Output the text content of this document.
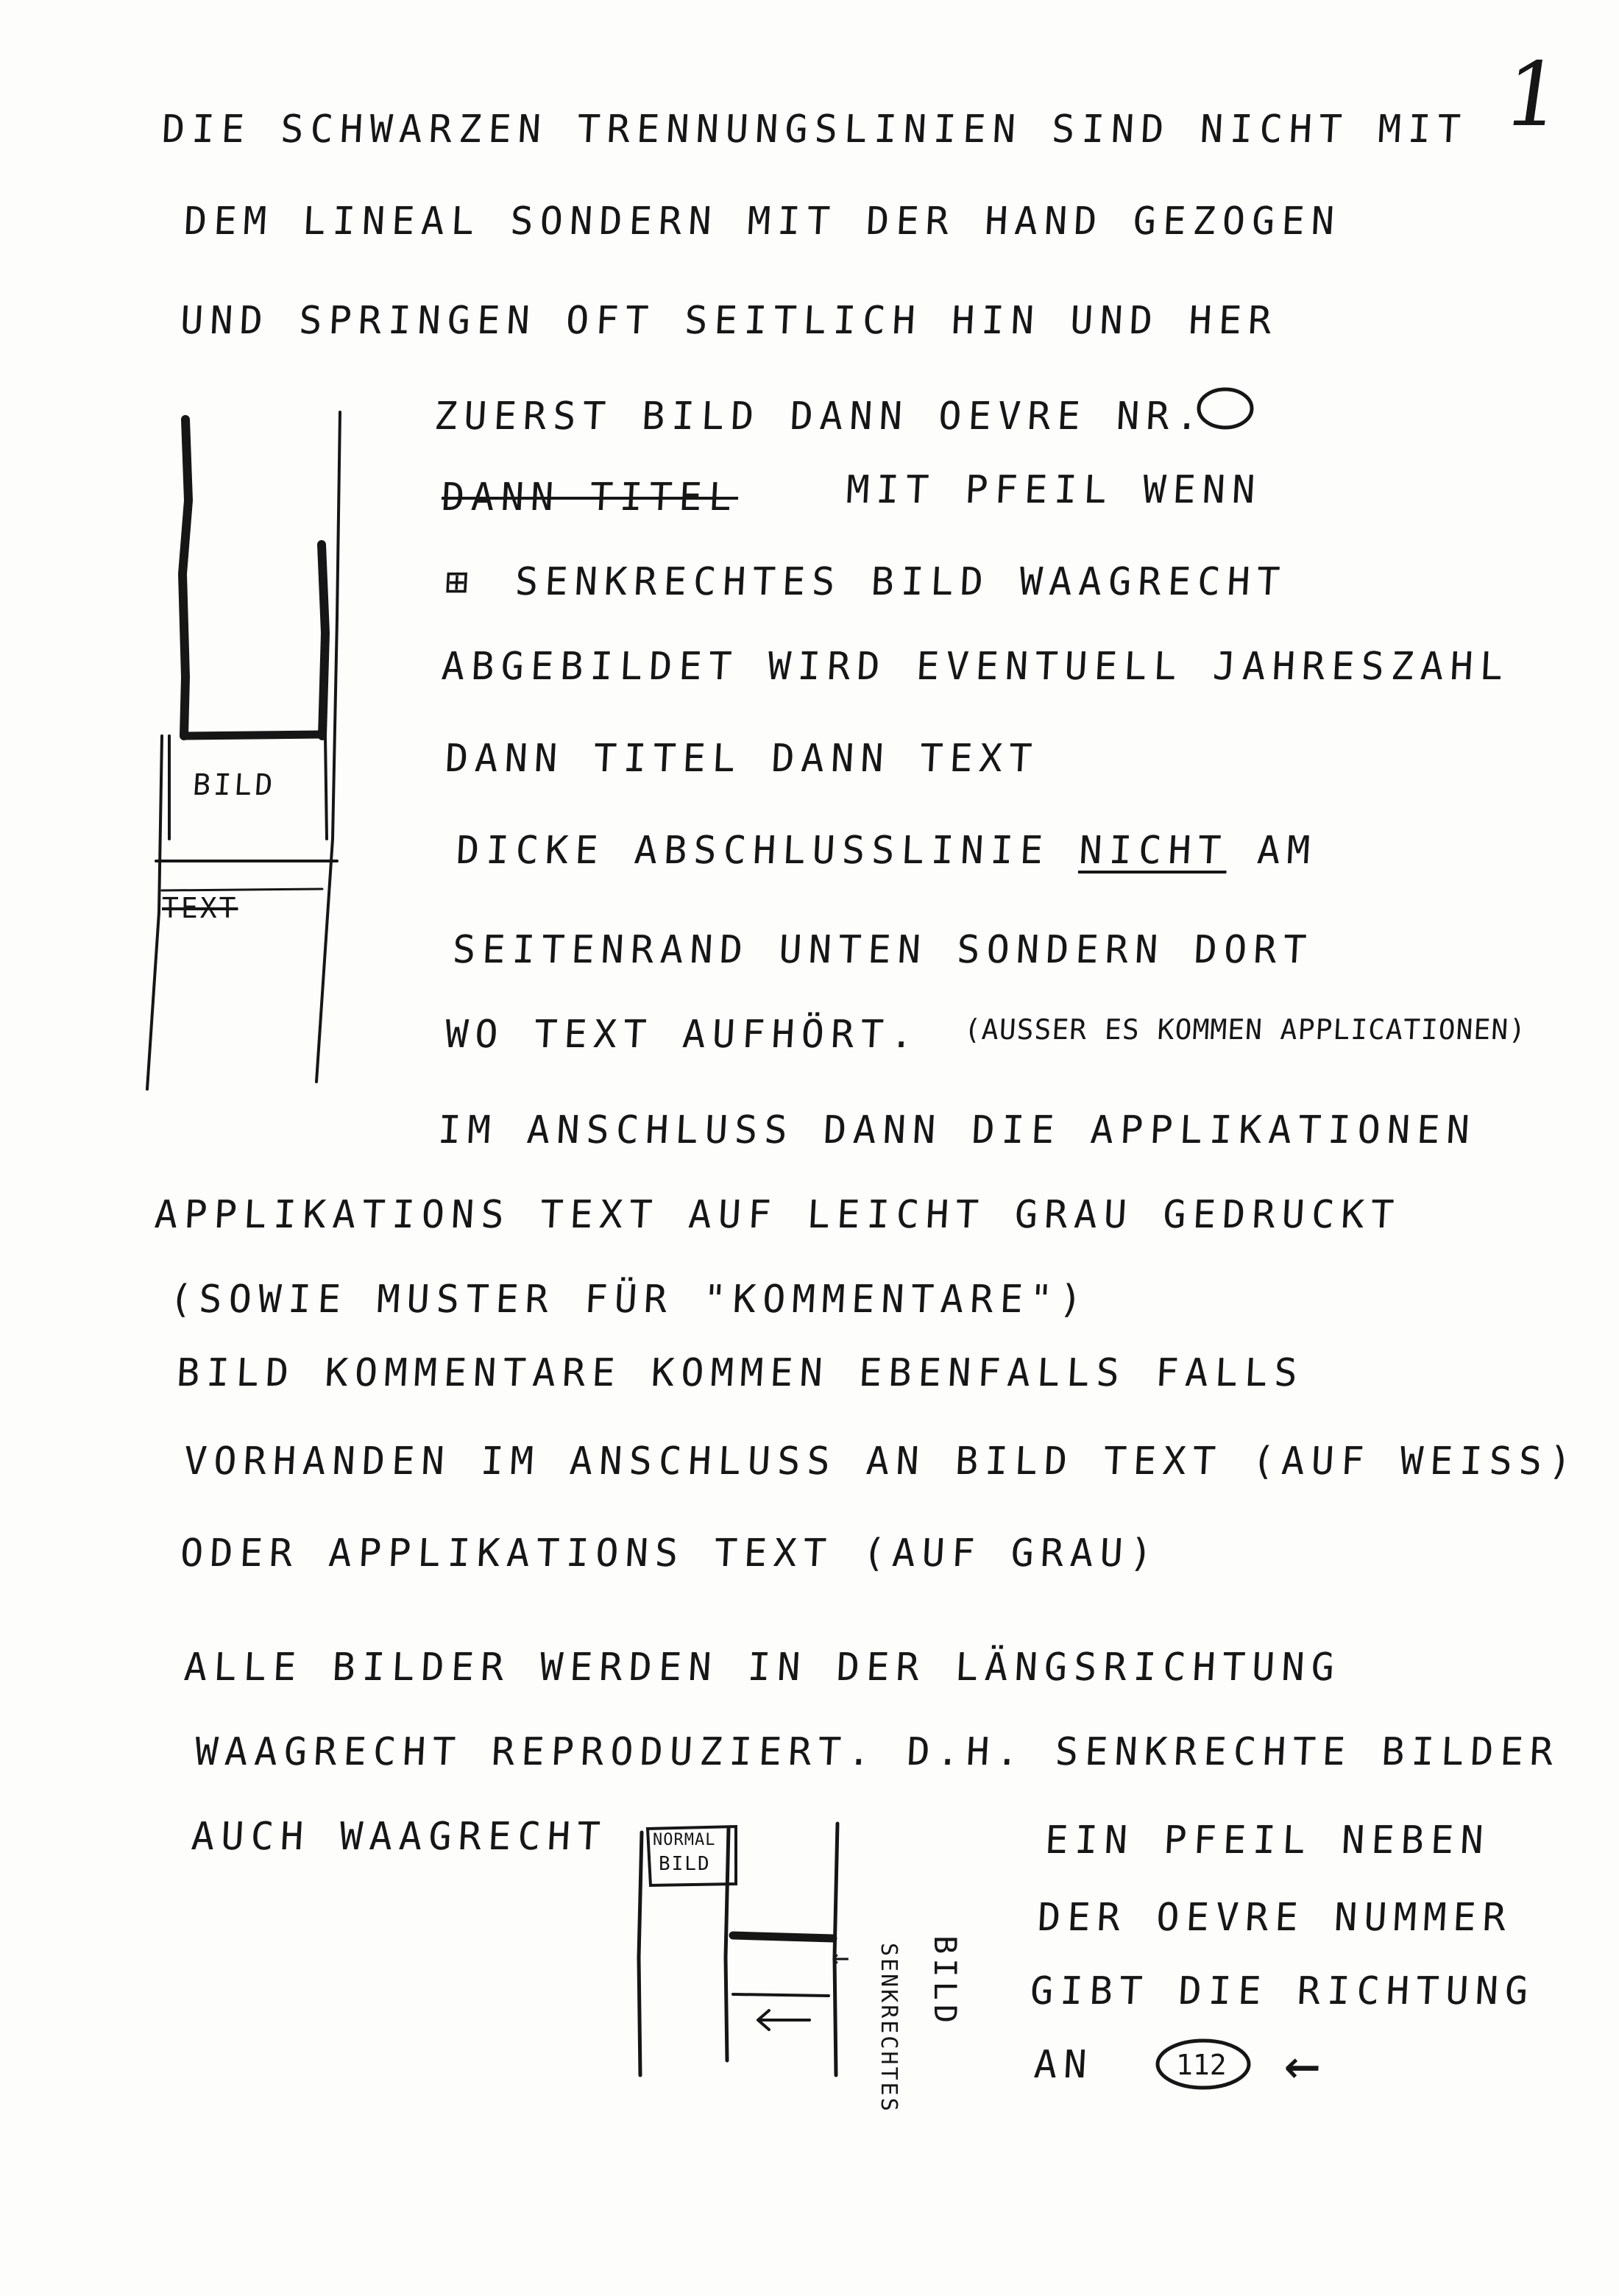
1
DIE SCHWARZEN TRENNUNGSLINIEN SIND NICHT MIT
DEM LINEAL SONDERN MIT DER HAND GEZOGEN
UND SPRINGEN OFT SEITLICH HIN UND HER
ZUERST BILD DANN OEVRE NR.
DANN TITEL	MIT PFEIL WENN
⊞ SENKRECHTES BILD WAAGRECHT
ABGEBILDET WIRD EVENTUELL JAHRESZAHL
DANN TITEL DANN TEXT
DICKE ABSCHLUSSLINIE NICHT AM
SEITENRAND UNTEN SONDERN DORT
WO TEXT AUFHÖRT. (AUSSER ES KOMMEN APPLICATIONEN)
IM ANSCHLUSS DANN DIE APPLIKATIONEN
APPLIKATIONS TEXT AUF LEICHT GRAU GEDRUCKT
(SOWIE MUSTER FÜR "KOMMENTARE")
BILD KOMMENTARE KOMMEN EBENFALLS FALLS
VORHANDEN IM ANSCHLUSS AN BILD TEXT (AUF WEISS)
ODER APPLIKATIONS TEXT (AUF GRAU)
ALLE BILDER WERDEN IN DER LÄNGSRICHTUNG
WAAGRECHT REPRODUZIERT. D.H. SENKRECHTE BILDER
AUCH WAAGRECHT	EIN PFEIL NEBEN
DER OEVRE NUMMER
GIBT DIE RICHTUNG
AN	112 ←
BILD
TEXT
NORMAL
BILD
← SENKRECHTES BILD
